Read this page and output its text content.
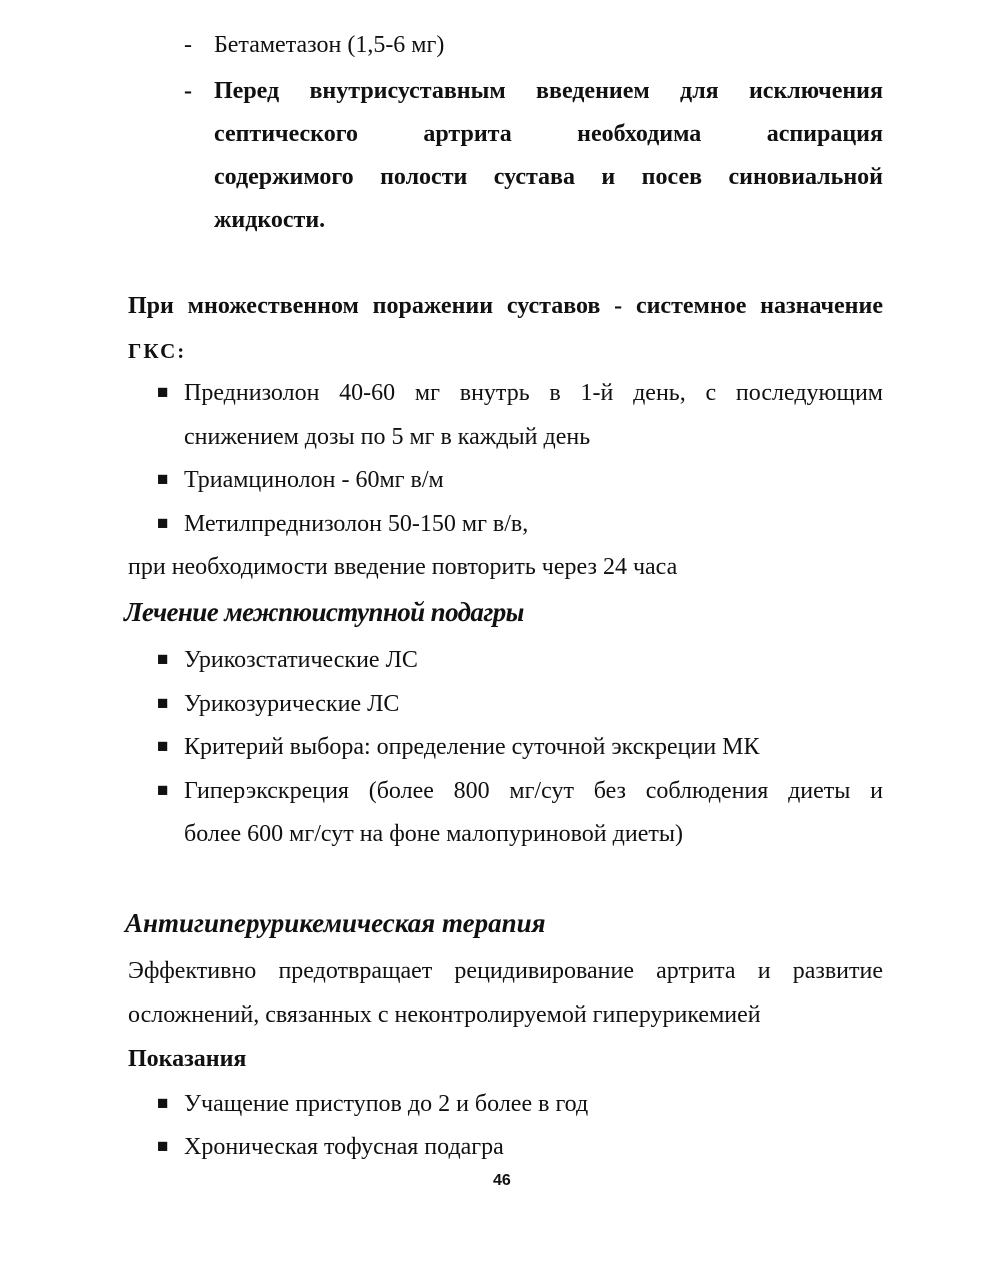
- Бетаметазон (1,5-6 мг)
- Перед внутрисуставным введением для исключения
септического артрита необходима аспирация
содержимого полости сустава и посев синовиальной
жидкости.
При множественном поражении суставов - системное назначение
ГКС:
■ Преднизолон 40-60 мг внутрь в 1-й день, с последующим
снижением дозы по 5 мг в каждый день
■ Триамцинолон - 60мг в/м
■ Метилпреднизолон 50-150 мг в/в,
при необходимости введение повторить через 24 часа
Лечение межпюиступной подагры
■ Урикозстатические ЛС
■ Урикозурические ЛС
■ Критерий выбора: определение суточной экскреции МК
■ Гиперэкскреция (более 800 мг/сут без соблюдения диеты и
более 600 мг/сут на фоне малопуриновой диеты)
Антигиперурикемическая терапия
Эффективно предотвращает рецидивирование артрита и развитие
осложнений, связанных с неконтролируемой гиперурикемией
Показания
■ Учащение приступов до 2 и более в год
■ Хроническая тофусная подагра
46
